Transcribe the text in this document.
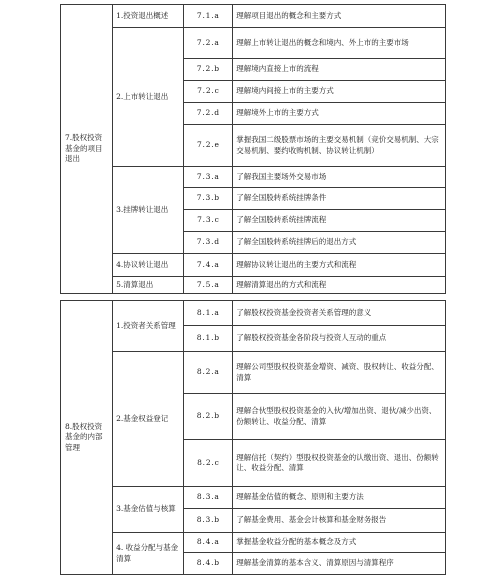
7.股权投资基金的项目退出	1.投资退出概述	7.1.a	理解项目退出的概念和主要方式
	2.上市转让退出	7.2.a	理解上市转让退出的概念和境内、外上市的主要市场
		7.2.b	理解境内直接上市的流程
		7.2.c	理解境内间接上市的主要方式
		7.2.d	理解境外上市的主要方式
		7.2.e	掌握我国二级股票市场的主要交易机制（竞价交易机制、大宗交易机制、要约收购机制、协议转让机制）
	3.挂牌转让退出	7.3.a	了解我国主要场外交易市场
		7.3.b	了解全国股转系统挂牌条件
		7.3.c	了解全国股转系统挂牌流程
		7.3.d	了解全国股转系统挂牌后的退出方式
	4.协议转让退出	7.4.a	理解协议转让退出的主要方式和流程
	5.清算退出	7.5.a	理解清算退出的方式和流程

8.股权投资基金的内部管理	1.投资者关系管理	8.1.a	了解股权投资基金投资者关系管理的意义
		8.1.b	了解股权投资基金各阶段与投资人互动的重点
	2.基金权益登记	8.2.a	理解公司型股权投资基金增资、减资、股权转让、收益分配、清算
		8.2.b	理解合伙型股权投资基金的入伙/增加出资、退伙/减少出资、份额转让、收益分配、清算
		8.2.c	理解信托（契约）型股权投资基金的认缴出资、退出、份额转让、收益分配、清算
	3.基金估值与核算	8.3.a	理解基金估值的概念、原则和主要方法
		8.3.b	了解基金费用、基金会计核算和基金财务报告
	4. 收益分配与基金清算	8.4.a	掌握基金收益分配的基本概念及方式
		8.4.b	理解基金清算的基本含义、清算原因与清算程序
